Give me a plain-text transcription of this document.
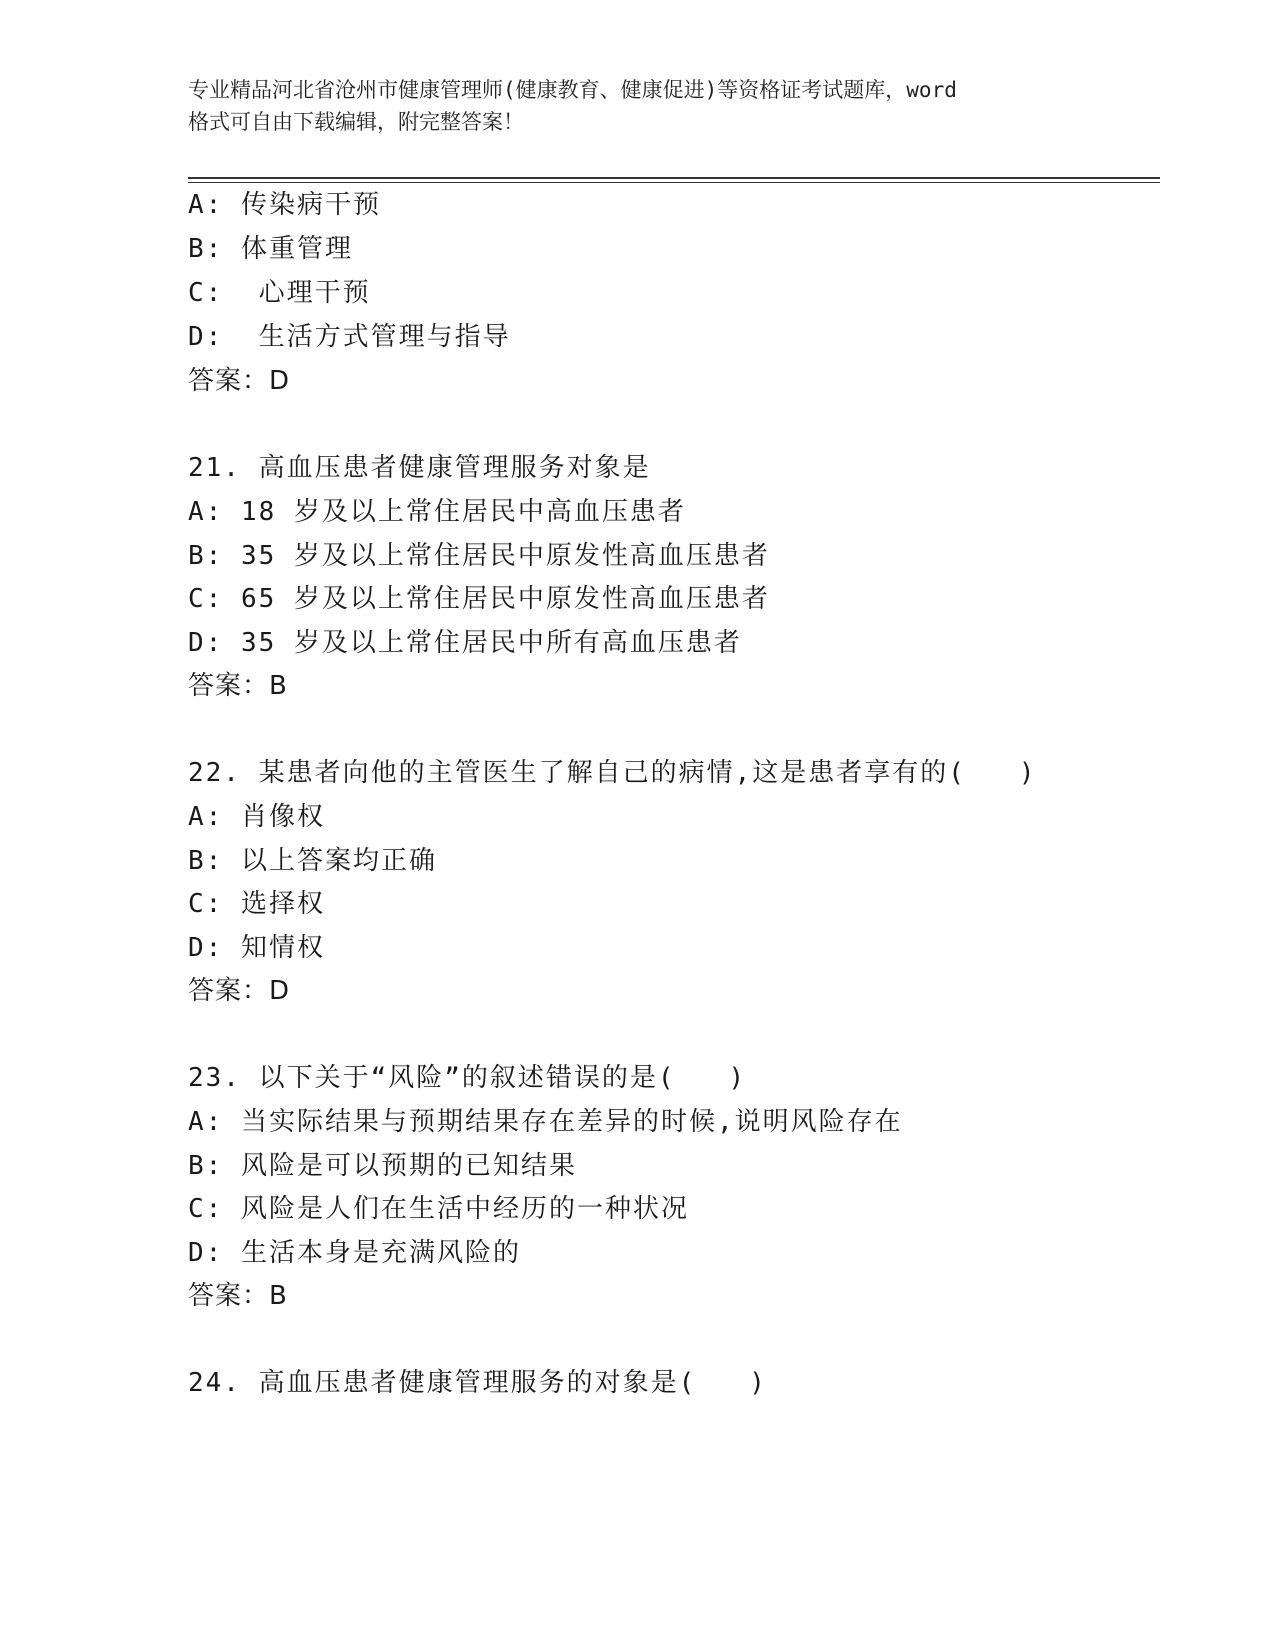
专业精品河北省沧州市健康管理师(健康教育、健康促进)等资格证考试题库，word
格式可自由下载编辑，附完整答案！
A: 传染病干预
B: 体重管理
C:  心理干预
D:  生活方式管理与指导
答案：D
21. 高血压患者健康管理服务对象是
A: 18 岁及以上常住居民中高血压患者
B: 35 岁及以上常住居民中原发性高血压患者
C: 65 岁及以上常住居民中原发性高血压患者
D: 35 岁及以上常住居民中所有高血压患者
答案：B
22. 某患者向他的主管医生了解自己的病情,这是患者享有的(   )
A: 肖像权
B: 以上答案均正确
C: 选择权
D: 知情权
答案：D
23. 以下关于“风险”的叙述错误的是(   )
A: 当实际结果与预期结果存在差异的时候,说明风险存在
B: 风险是可以预期的已知结果
C: 风险是人们在生活中经历的一种状况
D: 生活本身是充满风险的
答案：B
24. 高血压患者健康管理服务的对象是(   )
